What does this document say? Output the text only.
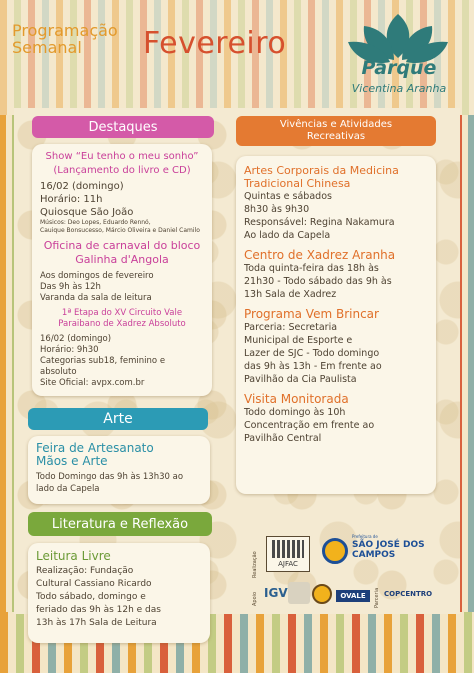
Programação
Semanal	Fevereiro
Parque
Vicentina Aranha
Destaques
Show “Eu tenho o meu sonho”
(Lançamento do livro e CD)
16/02 (domingo)
Horário: 11h
Quiosque São João
Músicos: Deo Lopes, Eduardo Rennó,
Cauique Bonsucesso, Márcio Oliveira e Daniel Camilo
Oficina de carnaval do bloco
Galinha d'Angola
Aos domingos de fevereiro
Das 9h às 12h
Varanda da sala de leitura
1ª Etapa do XV Circuito Vale
Paraibano de Xadrez Absoluto
16/02 (domingo)
Horário: 9h30
Categorias sub18, feminino e absoluto
Site Oficial: avpx.com.br
Arte
Feira de Artesanato
Mãos e Arte
Todo Domingo das 9h às 13h30 ao
lado da Capela
Literatura e Reflexão
Leitura Livre
Realização: Fundação
Cultural Cassiano Ricardo
Todo sábado, domingo e
feriado das 9h às 12h e das
13h às 17h Sala de Leitura
Vivências e Atividades
Recreativas
Artes Corporais da Medicina
Tradicional Chinesa
Quintas e sábados
8h30 às 9h30
Responsável: Regina Nakamura
Ao lado da Capela
Centro de Xadrez Aranha
Toda quinta-feira das 18h às
21h30 - Todo sábado das 9h às
13h Sala de Xadrez
Programa Vem Brincar
Parceria: Secretaria
Municipal de Esporte e
Lazer de SJC - Todo domingo
das 9h às 13h - Em frente ao
Pavilhão da Cia Paulista
Visita Monitorada
Todo domingo às 10h
Concentração em frente ao
Pavilhão Central
Realização	AJFAC
Prefeitura de
SÃO JOSÉ DOS CAMPOS
Apoio IGV	OVALE	Parceria COPCENTRO
